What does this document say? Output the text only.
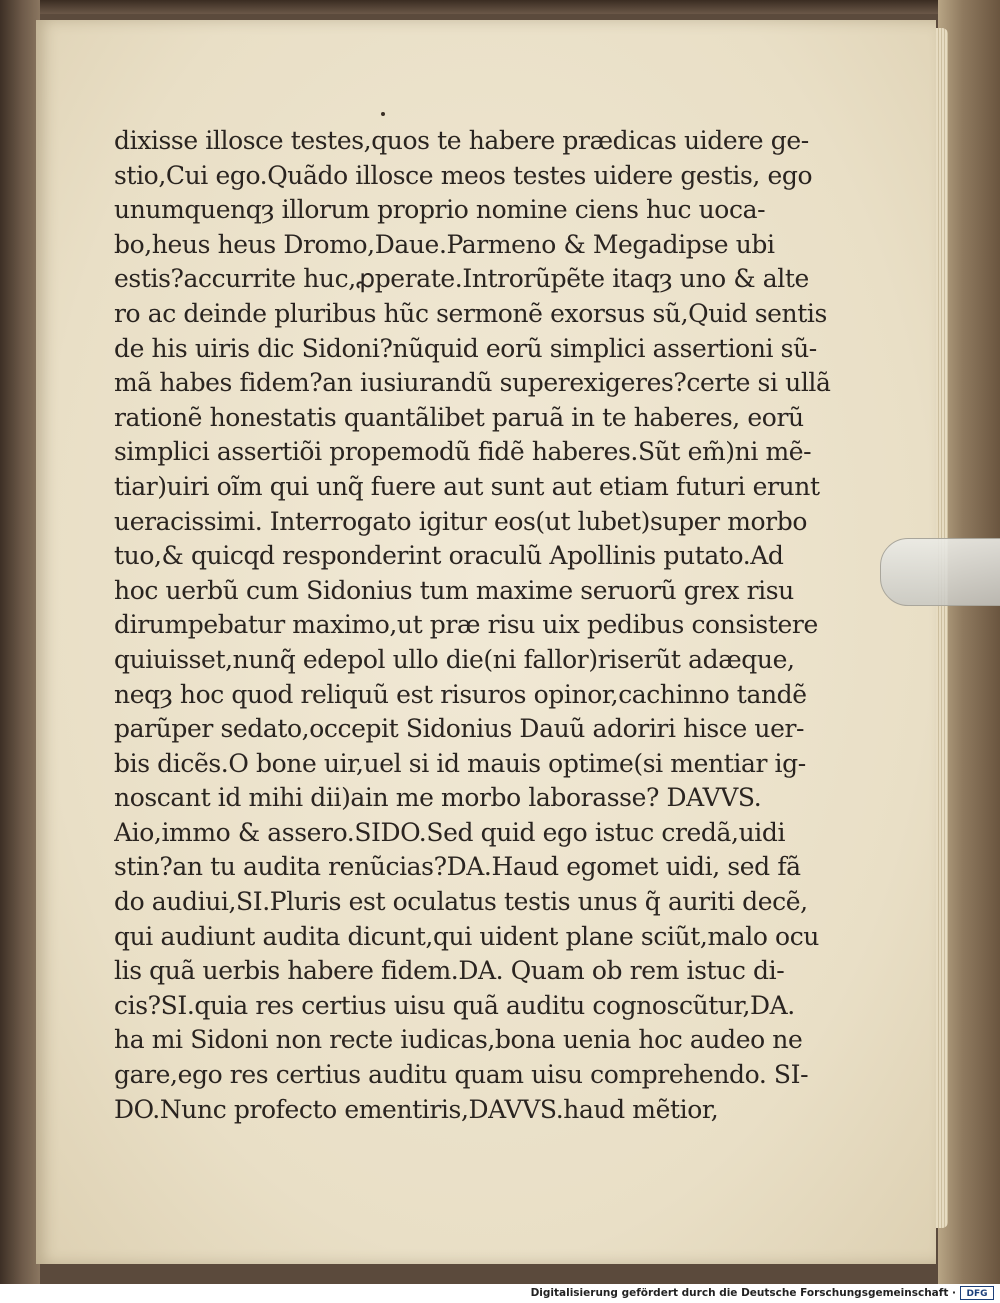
dixisse illosce testes,quos te habere prædicas uidere ge-
stio,Cui ego.Quãdo illosce meos testes uidere gestis, ego
unumquenqȝ illorum proprio nomine ciens huc uoca-
bo,heus heus Dromo,Daue.Parmeno & Megadipse ubi
estis?accurrite huc,ꝓperate.Introrũpẽte itaqȝ uno & alte
ro ac deinde pluribus hũc sermonẽ exorsus sũ,Quid sentis
de his uiris dic Sidoni?nũquid eorũ simplici assertioni sũ-
mã habes fidem?an iusiurandũ superexigeres?certe si ullã
rationẽ honestatis quantãlibet paruã in te haberes, eorũ
simplici assertiõi propemodũ fidẽ haberes.Sũt em̃)ni mẽ-
tiar)uiri oĩm qui unq̃ fuere aut sunt aut etiam futuri erunt
ueracissimi. Interrogato igitur eos(ut lubet)super morbo
tuo,& quicqd responderint oraculũ Apollinis putato.Ad
hoc uerbũ cum Sidonius tum maxime seruorũ grex risu
dirumpebatur maximo,ut præ risu uix pedibus consistere
quiuisset,nunq̃ edepol ullo die(ni fallor)riserũt adæque,
neqȝ hoc quod reliquũ est risuros opinor,cachinno tandẽ
parũper sedato,occepit Sidonius Dauũ adoriri hisce uer-
bis dicẽs.O bone uir,uel si id mauis optime(si mentiar ig-
noscant id mihi dii)ain me morbo laborasse? DAVVS.
Aio,immo & assero.SIDO.Sed quid ego istuc credã,uidi
stin?an tu audita renũcias?DA.Haud egomet uidi, sed fã
do audiui,SI.Pluris est oculatus testis unus q̃ auriti decẽ,
qui audiunt audita dicunt,qui uident plane sciũt,malo ocu
lis quã uerbis habere fidem.DA. Quam ob rem istuc di-
cis?SI.quia res certius uisu quã auditu cognoscũtur,DA.
ha mi Sidoni non recte iudicas,bona uenia hoc audeo ne
gare,ego res certius auditu quam uisu comprehendo. SI-
DO.Nunc profecto ementiris,DAVVS.haud mẽtior,
Digitalisierung gefördert durch die Deutsche Forschungsgemeinschaft ·	DFG
